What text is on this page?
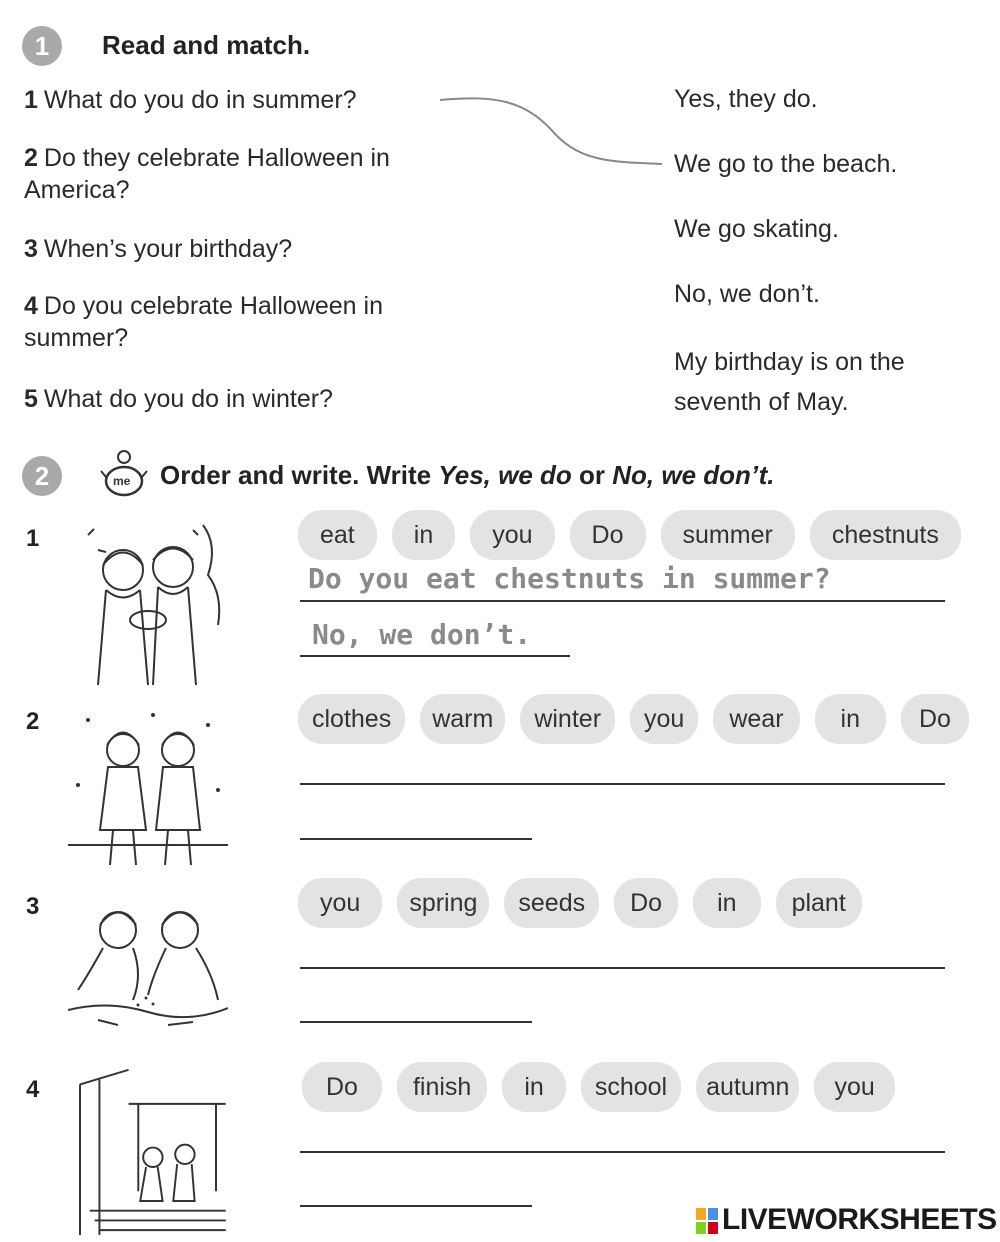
1	Read and match.
1 What do you do in summer?
2 Do they celebrate Halloween in America?
3 When’s your birthday?
4 Do you celebrate Halloween in summer?
5 What do you do in winter?
Yes, they do.
We go to the beach.
We go skating.
No, we don’t.
My birthday is on the seventh of May.
2	me Order and write. Write Yes, we do or No, we don’t.
1	eat	in	you	Do	summer	chestnuts
Do you eat chestnuts in summer?
No, we don’t.
2	clothes	warm	winter	you	wear	in	Do
3	you	spring	seeds	Do	in	plant
4	Do	finish	in	school	autumn	you
LIVEWORKSHEETS
